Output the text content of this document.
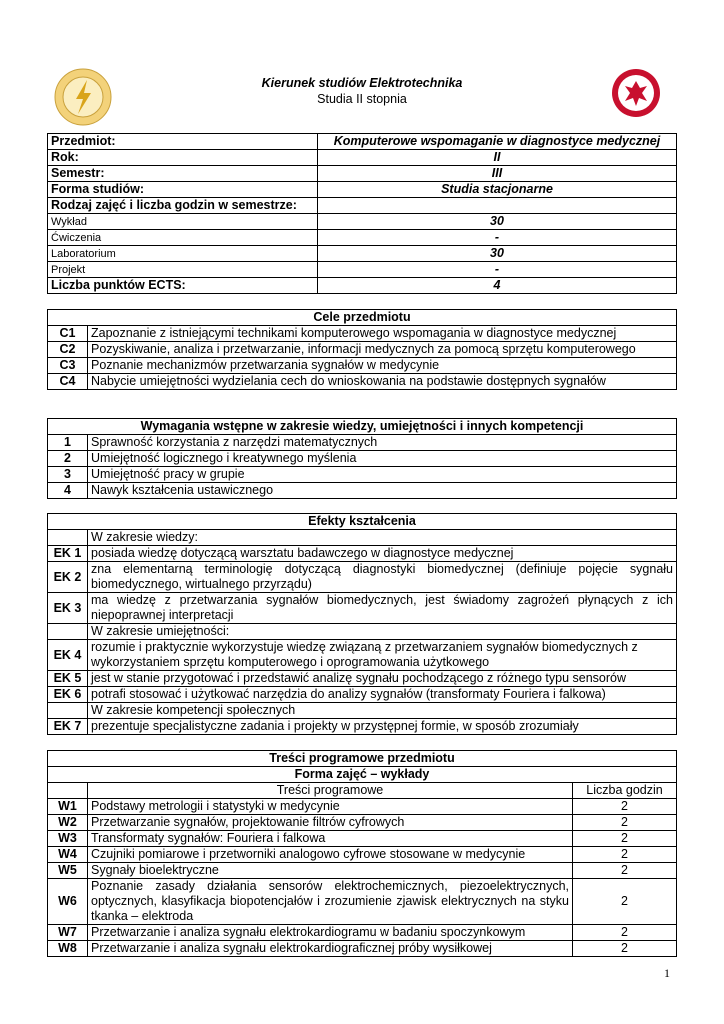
Kierunek studiów Elektrotechnika
Studia II stopnia
Przedmiot:	Komputerowe wspomaganie w diagnostyce medycznej
Rok:	II
Semestr:	III
Forma studiów:	Studia stacjonarne
Rodzaj zajęć i liczba godzin w semestrze:	
Wykład	30
Ćwiczenia	-
Laboratorium	30
Projekt	-
Liczba punktów ECTS:	4
Cele przedmiotu	
C1	Zapoznanie z istniejącymi technikami komputerowego wspomagania w diagnostyce medycznej
C2	Pozyskiwanie, analiza i przetwarzanie, informacji medycznych za pomocą sprzętu komputerowego
C3	Poznanie mechanizmów przetwarzania sygnałów w medycynie
C4	Nabycie umiejętności wydzielania cech do wnioskowania na podstawie dostępnych sygnałów
Wymagania wstępne w zakresie wiedzy, umiejętności i innych kompetencji	
1	Sprawność korzystania z narzędzi matematycznych
2	Umiejętność logicznego i kreatywnego myślenia
3	Umiejętność pracy w grupie
4	Nawyk kształcenia ustawicznego
Efekty kształcenia	
	W zakresie wiedzy:
EK 1	posiada wiedzę dotyczącą warsztatu badawczego w diagnostyce medycznej
EK 2	zna elementarną terminologię dotyczącą diagnostyki biomedycznej (definiuje pojęcie sygnału biomedycznego, wirtualnego przyrządu)
EK 3	ma wiedzę z przetwarzania sygnałów biomedycznych, jest świadomy zagrożeń płynących z ich niepoprawnej interpretacji
	W zakresie umiejętności:
EK 4	rozumie i praktycznie wykorzystuje wiedzę związaną z przetwarzaniem sygnałów biomedycznych z wykorzystaniem sprzętu komputerowego i oprogramowania użytkowego
EK 5	jest w stanie przygotować i przedstawić analizę sygnału pochodzącego z różnego typu sensorów
EK 6	potrafi stosować i użytkować narzędzia do analizy sygnałów (transformaty Fouriera i falkowa)
	W zakresie kompetencji społecznych
EK 7	prezentuje specjalistyczne zadania i projekty w przystępnej formie, w sposób zrozumiały
Treści programowe przedmiotu		
Forma zajęć – wykłady		
	Treści programowe	Liczba godzin
W1	Podstawy metrologii i statystyki w medycynie	2
W2	Przetwarzanie sygnałów, projektowanie filtrów cyfrowych	2
W3	Transformaty sygnałów: Fouriera i falkowa	2
W4	Czujniki pomiarowe i przetworniki analogowo cyfrowe stosowane w medycynie	2
W5	Sygnały bioelektryczne	2
W6	Poznanie zasady działania sensorów elektrochemicznych, piezoelektrycznych, optycznych, klasyfikacja biopotencjałów i zrozumienie zjawisk elektrycznych na styku tkanka – elektroda	2
W7	Przetwarzanie i analiza sygnału elektrokardiogramu w badaniu spoczynkowym	2
W8	Przetwarzanie i analiza sygnału elektrokardiograficznej próby wysiłkowej	2
1
